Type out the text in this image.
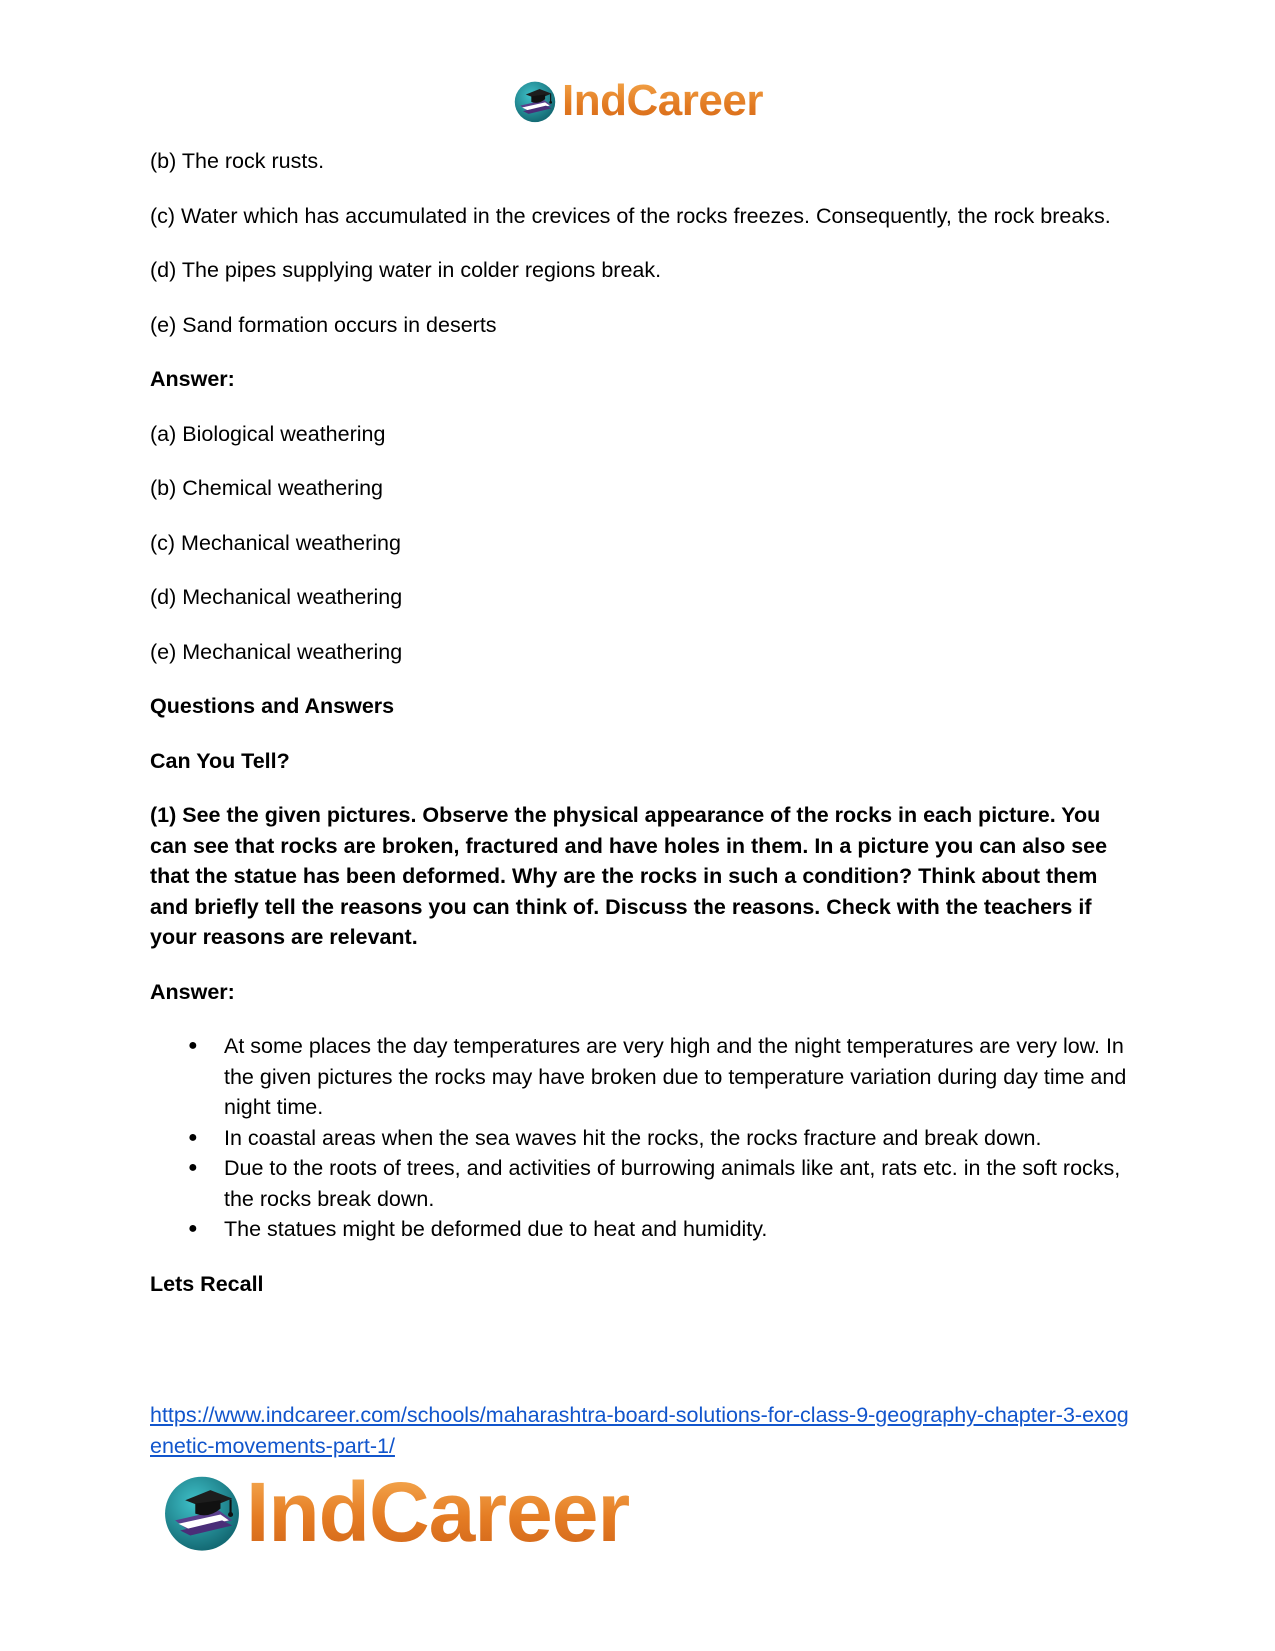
IndCareer

(b) The rock rusts.

(c) Water which has accumulated in the crevices of the rocks freezes. Consequently, the rock breaks.

(d) The pipes supplying water in colder regions break.

(e) Sand formation occurs in deserts

Answer:

(a) Biological weathering

(b) Chemical weathering

(c) Mechanical weathering

(d) Mechanical weathering

(e) Mechanical weathering

Questions and Answers

Can You Tell?

(1) See the given pictures. Observe the physical appearance of the rocks in each picture. You can see that rocks are broken, fractured and have holes in them. In a picture you can also see that the statue has been deformed. Why are the rocks in such a condition? Think about them and briefly tell the reasons you can think of. Discuss the reasons. Check with the teachers if your reasons are relevant.

Answer:

● At some places the day temperatures are very high and the night temperatures are very low. In the given pictures the rocks may have broken due to temperature variation during day time and night time.
● In coastal areas when the sea waves hit the rocks, the rocks fracture and break down.
● Due to the roots of trees, and activities of burrowing animals like ant, rats etc. in the soft rocks, the rocks break down.
● The statues might be deformed due to heat and humidity.

Lets Recall

https://www.indcareer.com/schools/maharashtra-board-solutions-for-class-9-geography-chapter-3-exogenetic-movements-part-1/
IndCareer
